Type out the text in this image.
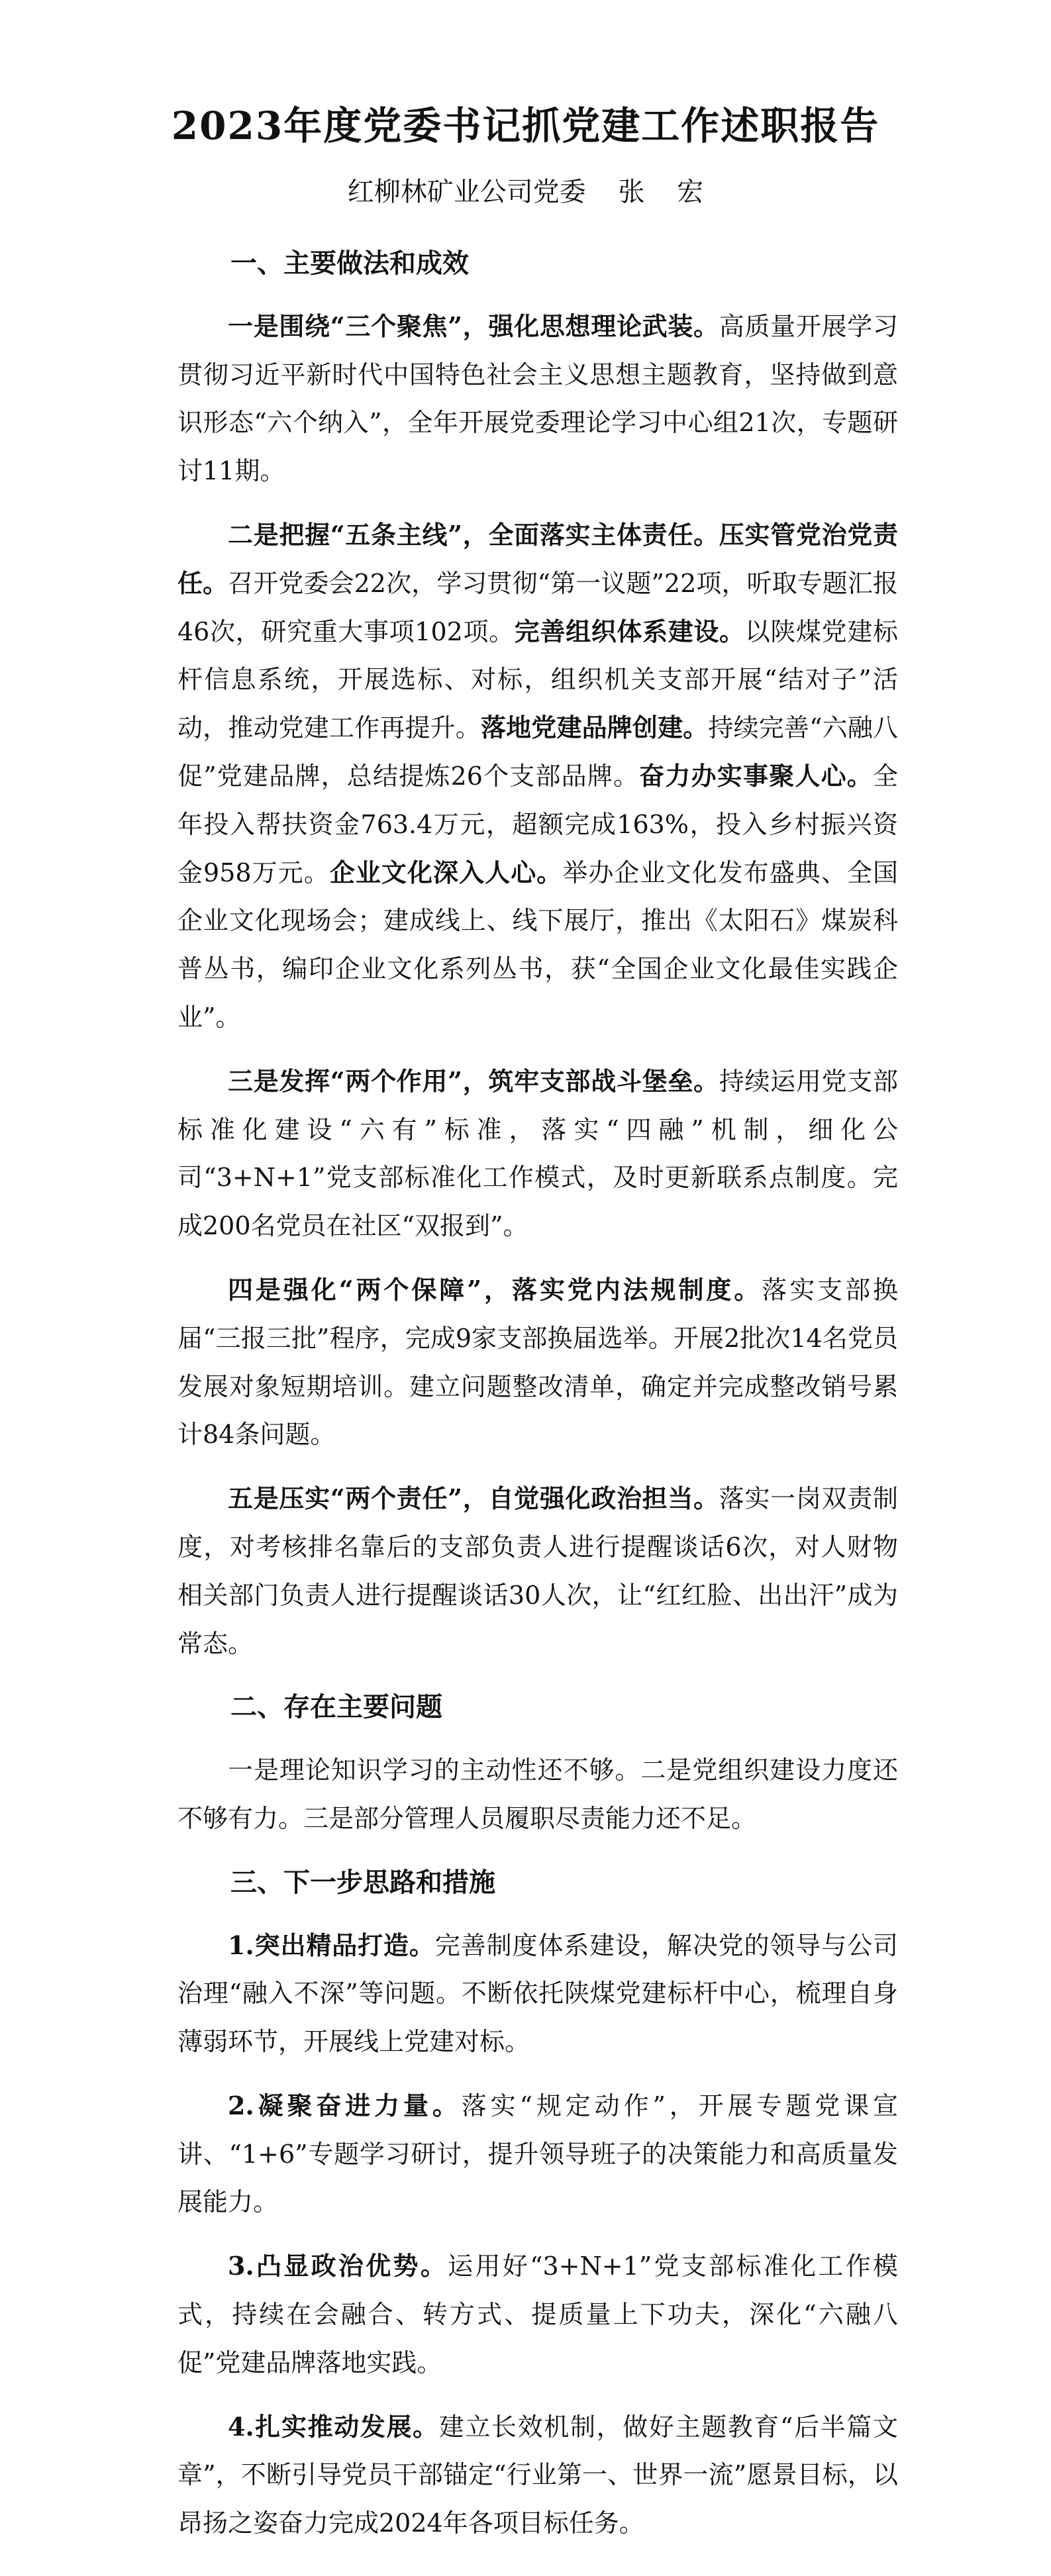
2023年度党委书记抓党建工作述职报告
红柳林矿业公司党委 张 宏
一、主要做法和成效

一是围绕“三个聚焦”，强化思想理论武装。高质量开展学习贯彻习近平新时代中国特色社会主义思想主题教育，坚持做到意识形态“六个纳入”，全年开展党委理论学习中心组21次，专题研讨11期。

二是把握“五条主线”，全面落实主体责任。压实管党治党责任。召开党委会22次，学习贯彻“第一议题”22项，听取专题汇报46次，研究重大事项102项。完善组织体系建设。以陕煤党建标杆信息系统，开展选标、对标，组织机关支部开展“结对子”活动，推动党建工作再提升。落地党建品牌创建。持续完善“六融八促”党建品牌，总结提炼26个支部品牌。奋力办实事聚人心。全年投入帮扶资金763.4万元，超额完成163%，投入乡村振兴资金958万元。企业文化深入人心。举办企业文化发布盛典、全国企业文化现场会；建成线上、线下展厅，推出《太阳石》煤炭科普丛书，编印企业文化系列丛书，获“全国企业文化最佳实践企业”。

三是发挥“两个作用”，筑牢支部战斗堡垒。持续运用党支部标准化建设“六有”标准，落实“四融”机制，细化公司“3+N+1”党支部标准化工作模式，及时更新联系点制度。完成200名党员在社区“双报到”。

四是强化“两个保障”，落实党内法规制度。落实支部换届“三报三批”程序，完成9家支部换届选举。开展2批次14名党员发展对象短期培训。建立问题整改清单，确定并完成整改销号累计84条问题。

五是压实“两个责任”，自觉强化政治担当。落实一岗双责制度，对考核排名靠后的支部负责人进行提醒谈话6次，对人财物相关部门负责人进行提醒谈话30人次，让“红红脸、出出汗”成为常态。

二、存在主要问题

一是理论知识学习的主动性还不够。二是党组织建设力度还不够有力。三是部分管理人员履职尽责能力还不足。

三、下一步思路和措施

1.突出精品打造。完善制度体系建设，解决党的领导与公司治理“融入不深”等问题。不断依托陕煤党建标杆中心，梳理自身薄弱环节，开展线上党建对标。

2.凝聚奋进力量。落实“规定动作”，开展专题党课宣讲、“1+6”专题学习研讨，提升领导班子的决策能力和高质量发展能力。

3.凸显政治优势。运用好“3+N+1”党支部标准化工作模式，持续在会融合、转方式、提质量上下功夫，深化“六融八促”党建品牌落地实践。

4.扎实推动发展。建立长效机制，做好主题教育“后半篇文章”，不断引导党员干部锚定“行业第一、世界一流”愿景目标，以昂扬之姿奋力完成2024年各项目标任务。
